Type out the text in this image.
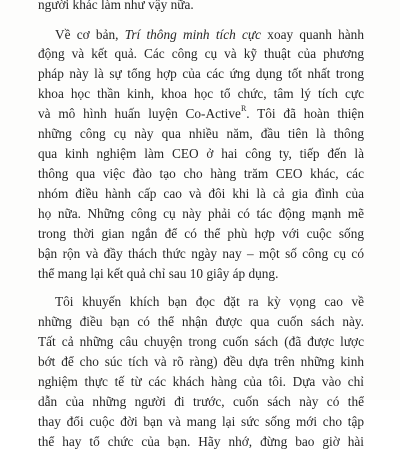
người khác làm như vậy nữa.
Về cơ bản, Trí thông minh tích cực xoay quanh hành
động và kết quả. Các công cụ và kỹ thuật của phương
pháp này là sự tổng hợp của các ứng dụng tốt nhất trong
khoa học thần kinh, khoa học tổ chức, tâm lý tích cực
và mô hình huấn luyện Co-Active$^R$. Tôi đã hoàn thiện
những công cụ này qua nhiều năm, đầu tiên là thông
qua kinh nghiệm làm CEO ở hai công ty, tiếp đến là
thông qua việc đào tạo cho hàng trăm CEO khác, các
nhóm điều hành cấp cao và đôi khi là cả gia đình của
họ nữa. Những công cụ này phải có tác động mạnh mẽ
trong thời gian ngắn để có thể phù hợp với cuộc sống
bận rộn và đầy thách thức ngày nay – một số công cụ có
thể mang lại kết quả chỉ sau 10 giây áp dụng.
Tôi khuyến khích bạn đọc đặt ra kỳ vọng cao về
những điều bạn có thể nhận được qua cuốn sách này.
Tất cả những câu chuyện trong cuốn sách (đã được lược
bớt để cho súc tích và rõ ràng) đều dựa trên những kinh
nghiệm thực tế từ các khách hàng của tôi. Dựa vào chỉ
dẫn của những người đi trước, cuốn sách này có thể
thay đổi cuộc đời bạn và mang lại sức sống mới cho tập
thể hay tổ chức của bạn. Hãy nhớ, đừng bao giờ hài
